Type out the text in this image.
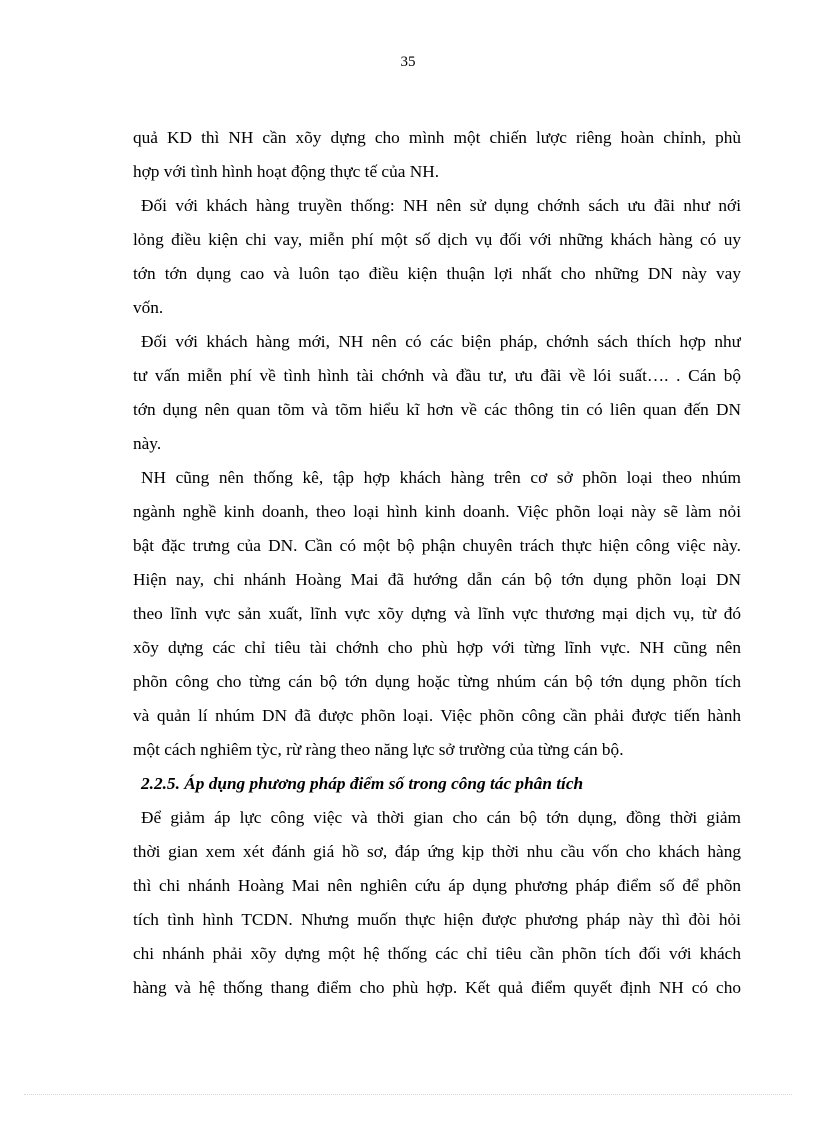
35
quả KD thì NH cần xõy dựng cho mình một chiến lược riêng hoàn chỉnh, phù
hợp với tình hình hoạt động thực tế của NH.
Đối với khách hàng truyền thống: NH nên sử dụng chớnh sách ưu đãi như nới
lỏng điều kiện chi vay, miễn phí một số dịch vụ đối với những khách hàng có uy
tớn tớn dụng cao và luôn tạo điều kiện thuận lợi nhất cho những DN này vay
vốn.
Đối với khách hàng mới, NH nên có các biện pháp, chớnh sách thích hợp như
tư vấn miễn phí về tình hình tài chớnh và đầu tư, ưu đãi về lói suất…. . Cán bộ
tớn dụng nên quan tõm và tõm hiểu kĩ hơn về các thông tin có liên quan đến DN
này.
NH cũng nên thống kê, tập hợp khách hàng trên cơ sở phõn loại theo nhúm
ngành nghề kinh doanh, theo loại hình kinh doanh. Việc phõn loại này sẽ làm nỏi
bật đặc trưng của DN. Cần có một bộ phận chuyên trách thực hiện công việc này.
Hiện nay, chi nhánh Hoàng Mai đã hướng dẫn cán bộ tớn dụng phõn loại DN
theo lĩnh vực sản xuất, lĩnh vực xõy dựng và lĩnh vực thương mại dịch vụ, từ đó
xõy dựng các chỉ tiêu tài chớnh cho phù hợp với từng lĩnh vực. NH cũng nên
phõn công cho từng cán bộ tớn dụng hoặc từng nhúm cán bộ tớn dụng phõn tích
và quản lí nhúm DN đã được phõn loại. Việc phõn công cần phải được tiến hành
một cách nghiêm tỳc, rừ ràng theo năng lực sở trường của từng cán bộ.
2.2.5. Áp dụng phương pháp điểm số trong công tác phân tích
Để giảm áp lực công việc và thời gian cho cán bộ tớn dụng, đồng thời giảm
thời gian xem xét đánh giá hồ sơ, đáp ứng kịp thời nhu cầu vốn cho khách hàng
thì chi nhánh Hoàng Mai nên nghiên cứu áp dụng phương pháp điểm số để phõn
tích tình hình TCDN. Nhưng muốn thực hiện được phương pháp này thì đòi hỏi
chi nhánh phải xõy dựng một hệ thống các chỉ tiêu cần phõn tích đối với khách
hàng và hệ thống thang điểm cho phù hợp. Kết quả điểm quyết định NH có cho
